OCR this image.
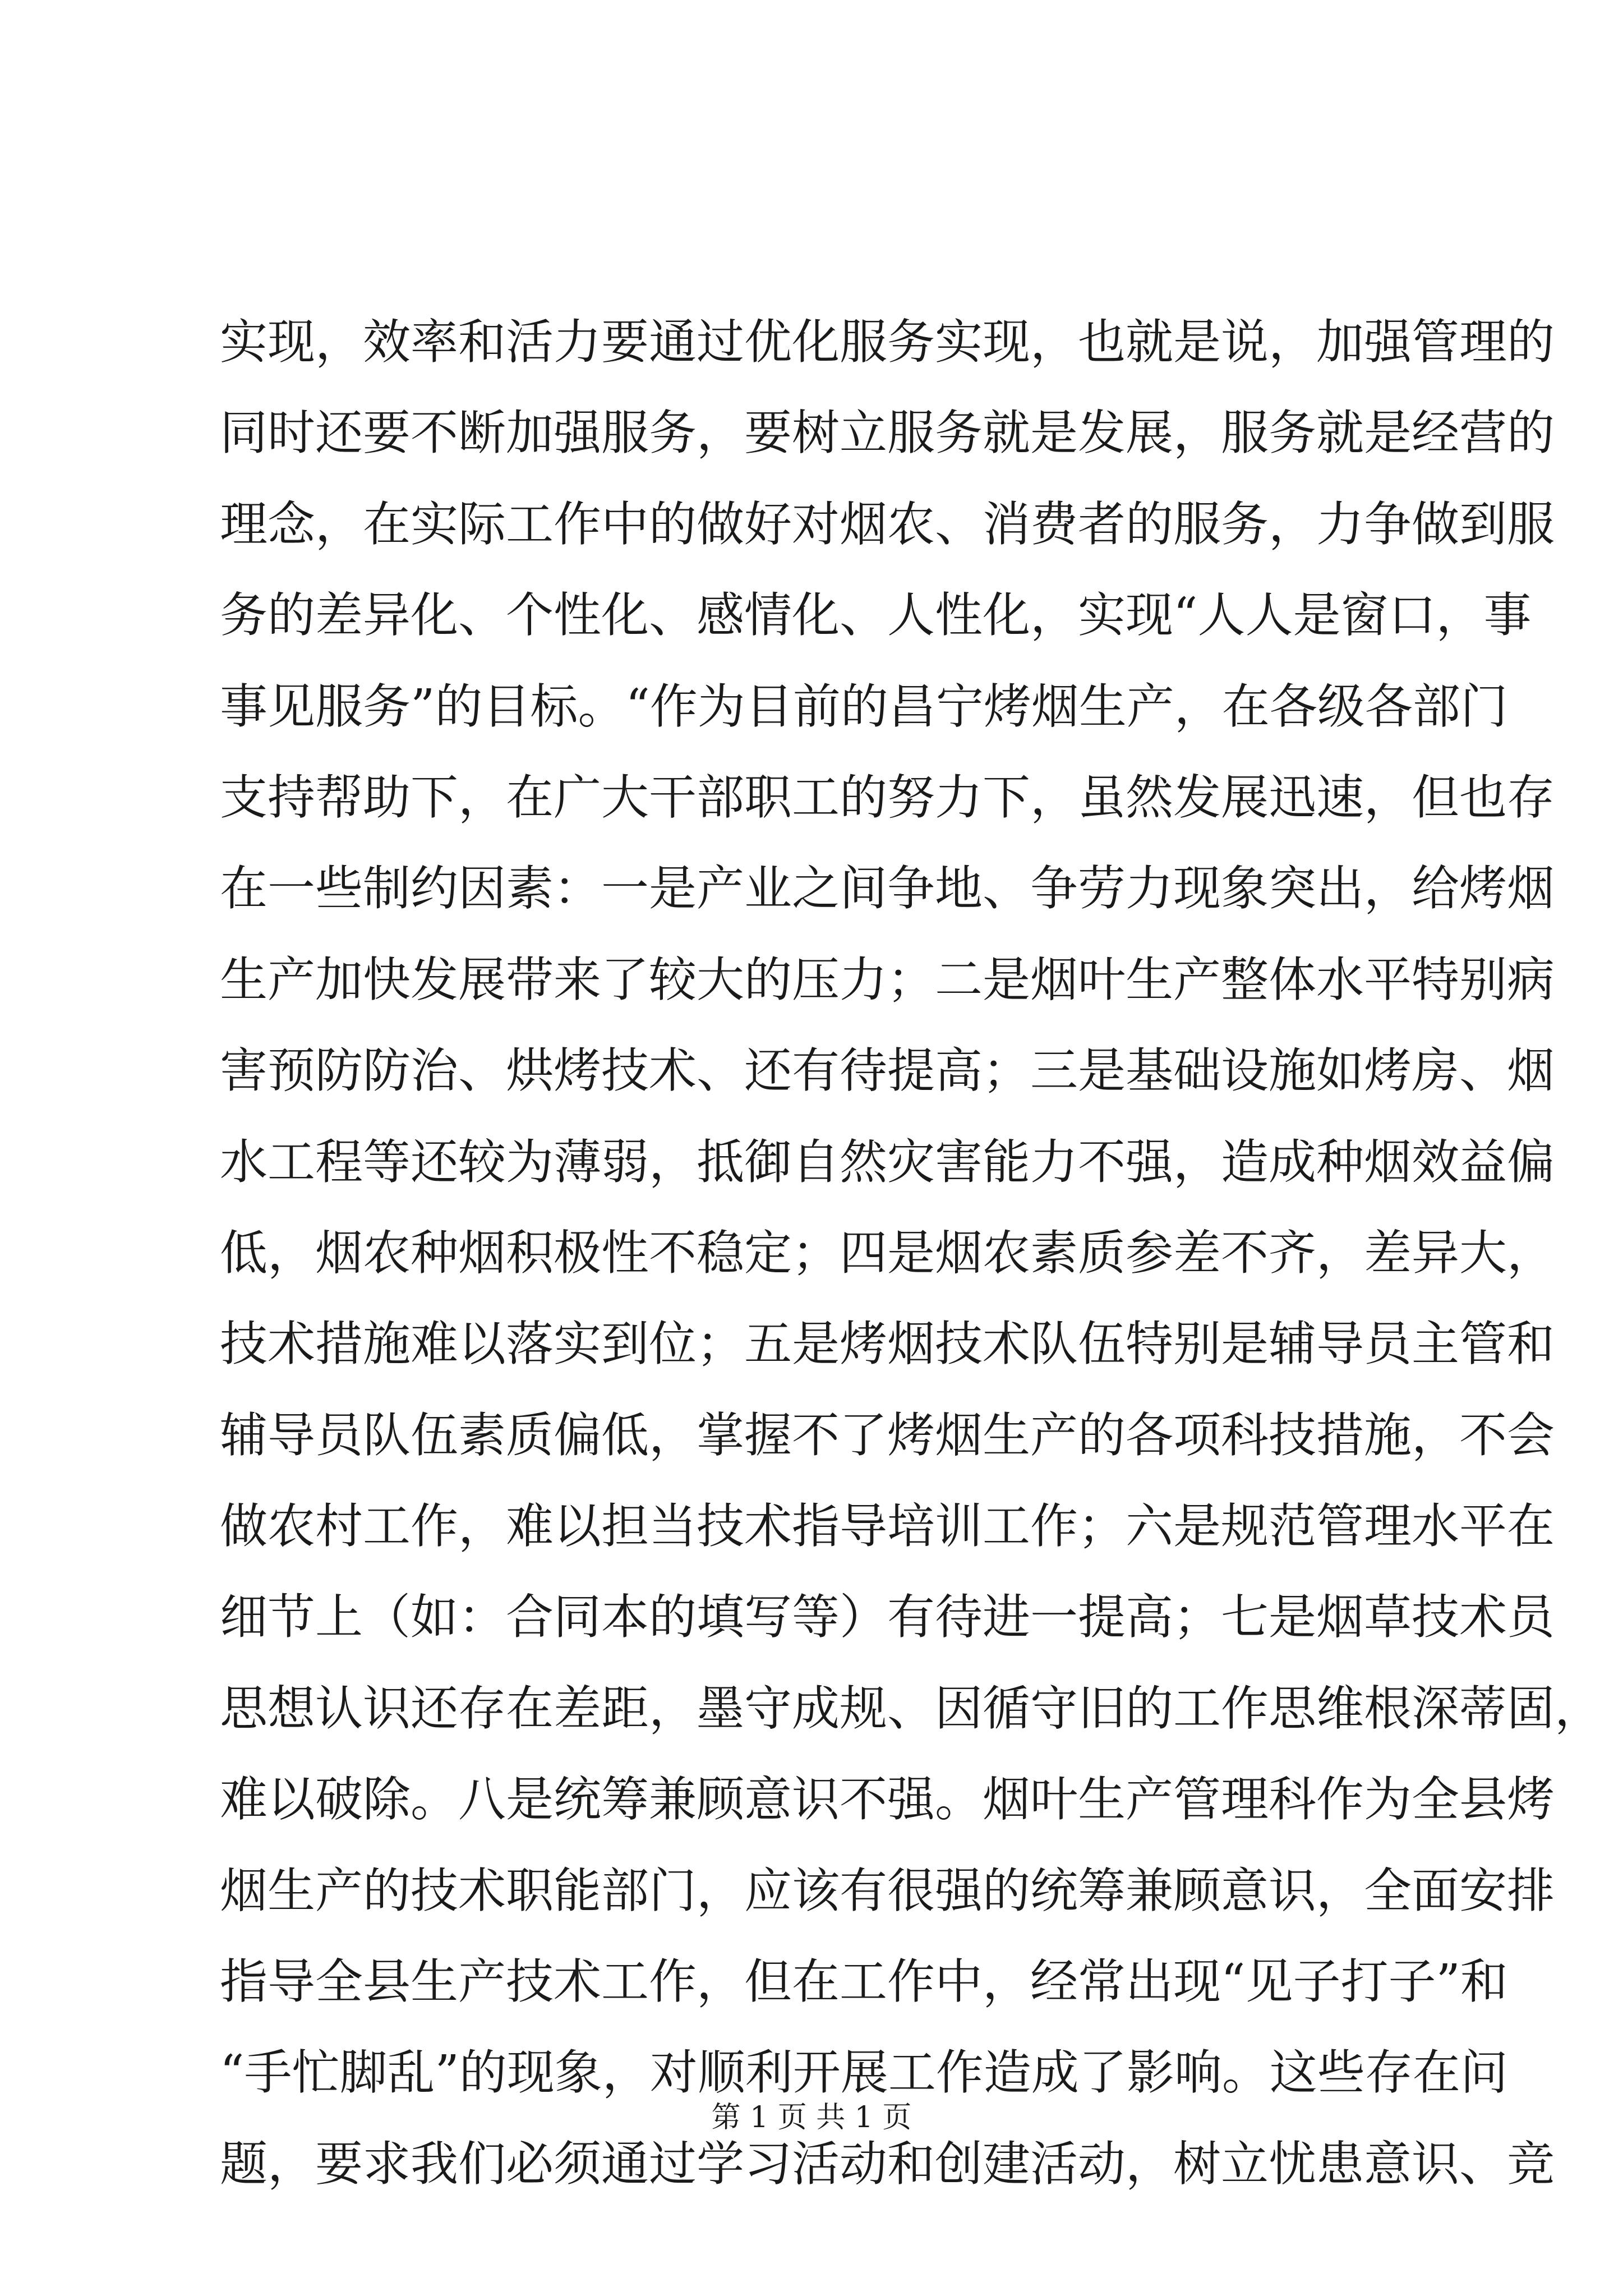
实现，效率和活力要通过优化服务实现，也就是说，加强管理的
同时还要不断加强服务，要树立服务就是发展，服务就是经营的
理念，在实际工作中的做好对烟农、消费者的服务，力争做到服
务的差异化、个性化、感情化、人性化，实现“人人是窗口，事
事见服务”的目标。“作为目前的昌宁烤烟生产，在各级各部门
支持帮助下，在广大干部职工的努力下，虽然发展迅速，但也存
在一些制约因素：一是产业之间争地、争劳力现象突出，给烤烟
生产加快发展带来了较大的压力；二是烟叶生产整体水平特别病
害预防防治、烘烤技术、还有待提高；三是基础设施如烤房、烟
水工程等还较为薄弱，抵御自然灾害能力不强，造成种烟效益偏
低，烟农种烟积极性不稳定；四是烟农素质参差不齐，差异大，
技术措施难以落实到位；五是烤烟技术队伍特别是辅导员主管和
辅导员队伍素质偏低，掌握不了烤烟生产的各项科技措施，不会
做农村工作，难以担当技术指导培训工作；六是规范管理水平在
细节上（如：合同本的填写等）有待进一提高；七是烟草技术员
思想认识还存在差距，墨守成规、因循守旧的工作思维根深蒂固，
难以破除。八是统筹兼顾意识不强。烟叶生产管理科作为全县烤
烟生产的技术职能部门，应该有很强的统筹兼顾意识，全面安排
指导全县生产技术工作，但在工作中，经常出现“见子打子”和
“手忙脚乱”的现象，对顺利开展工作造成了影响。这些存在问
题，要求我们必须通过学习活动和创建活动，树立忧患意识、竞
第 1 页 共 1 页
